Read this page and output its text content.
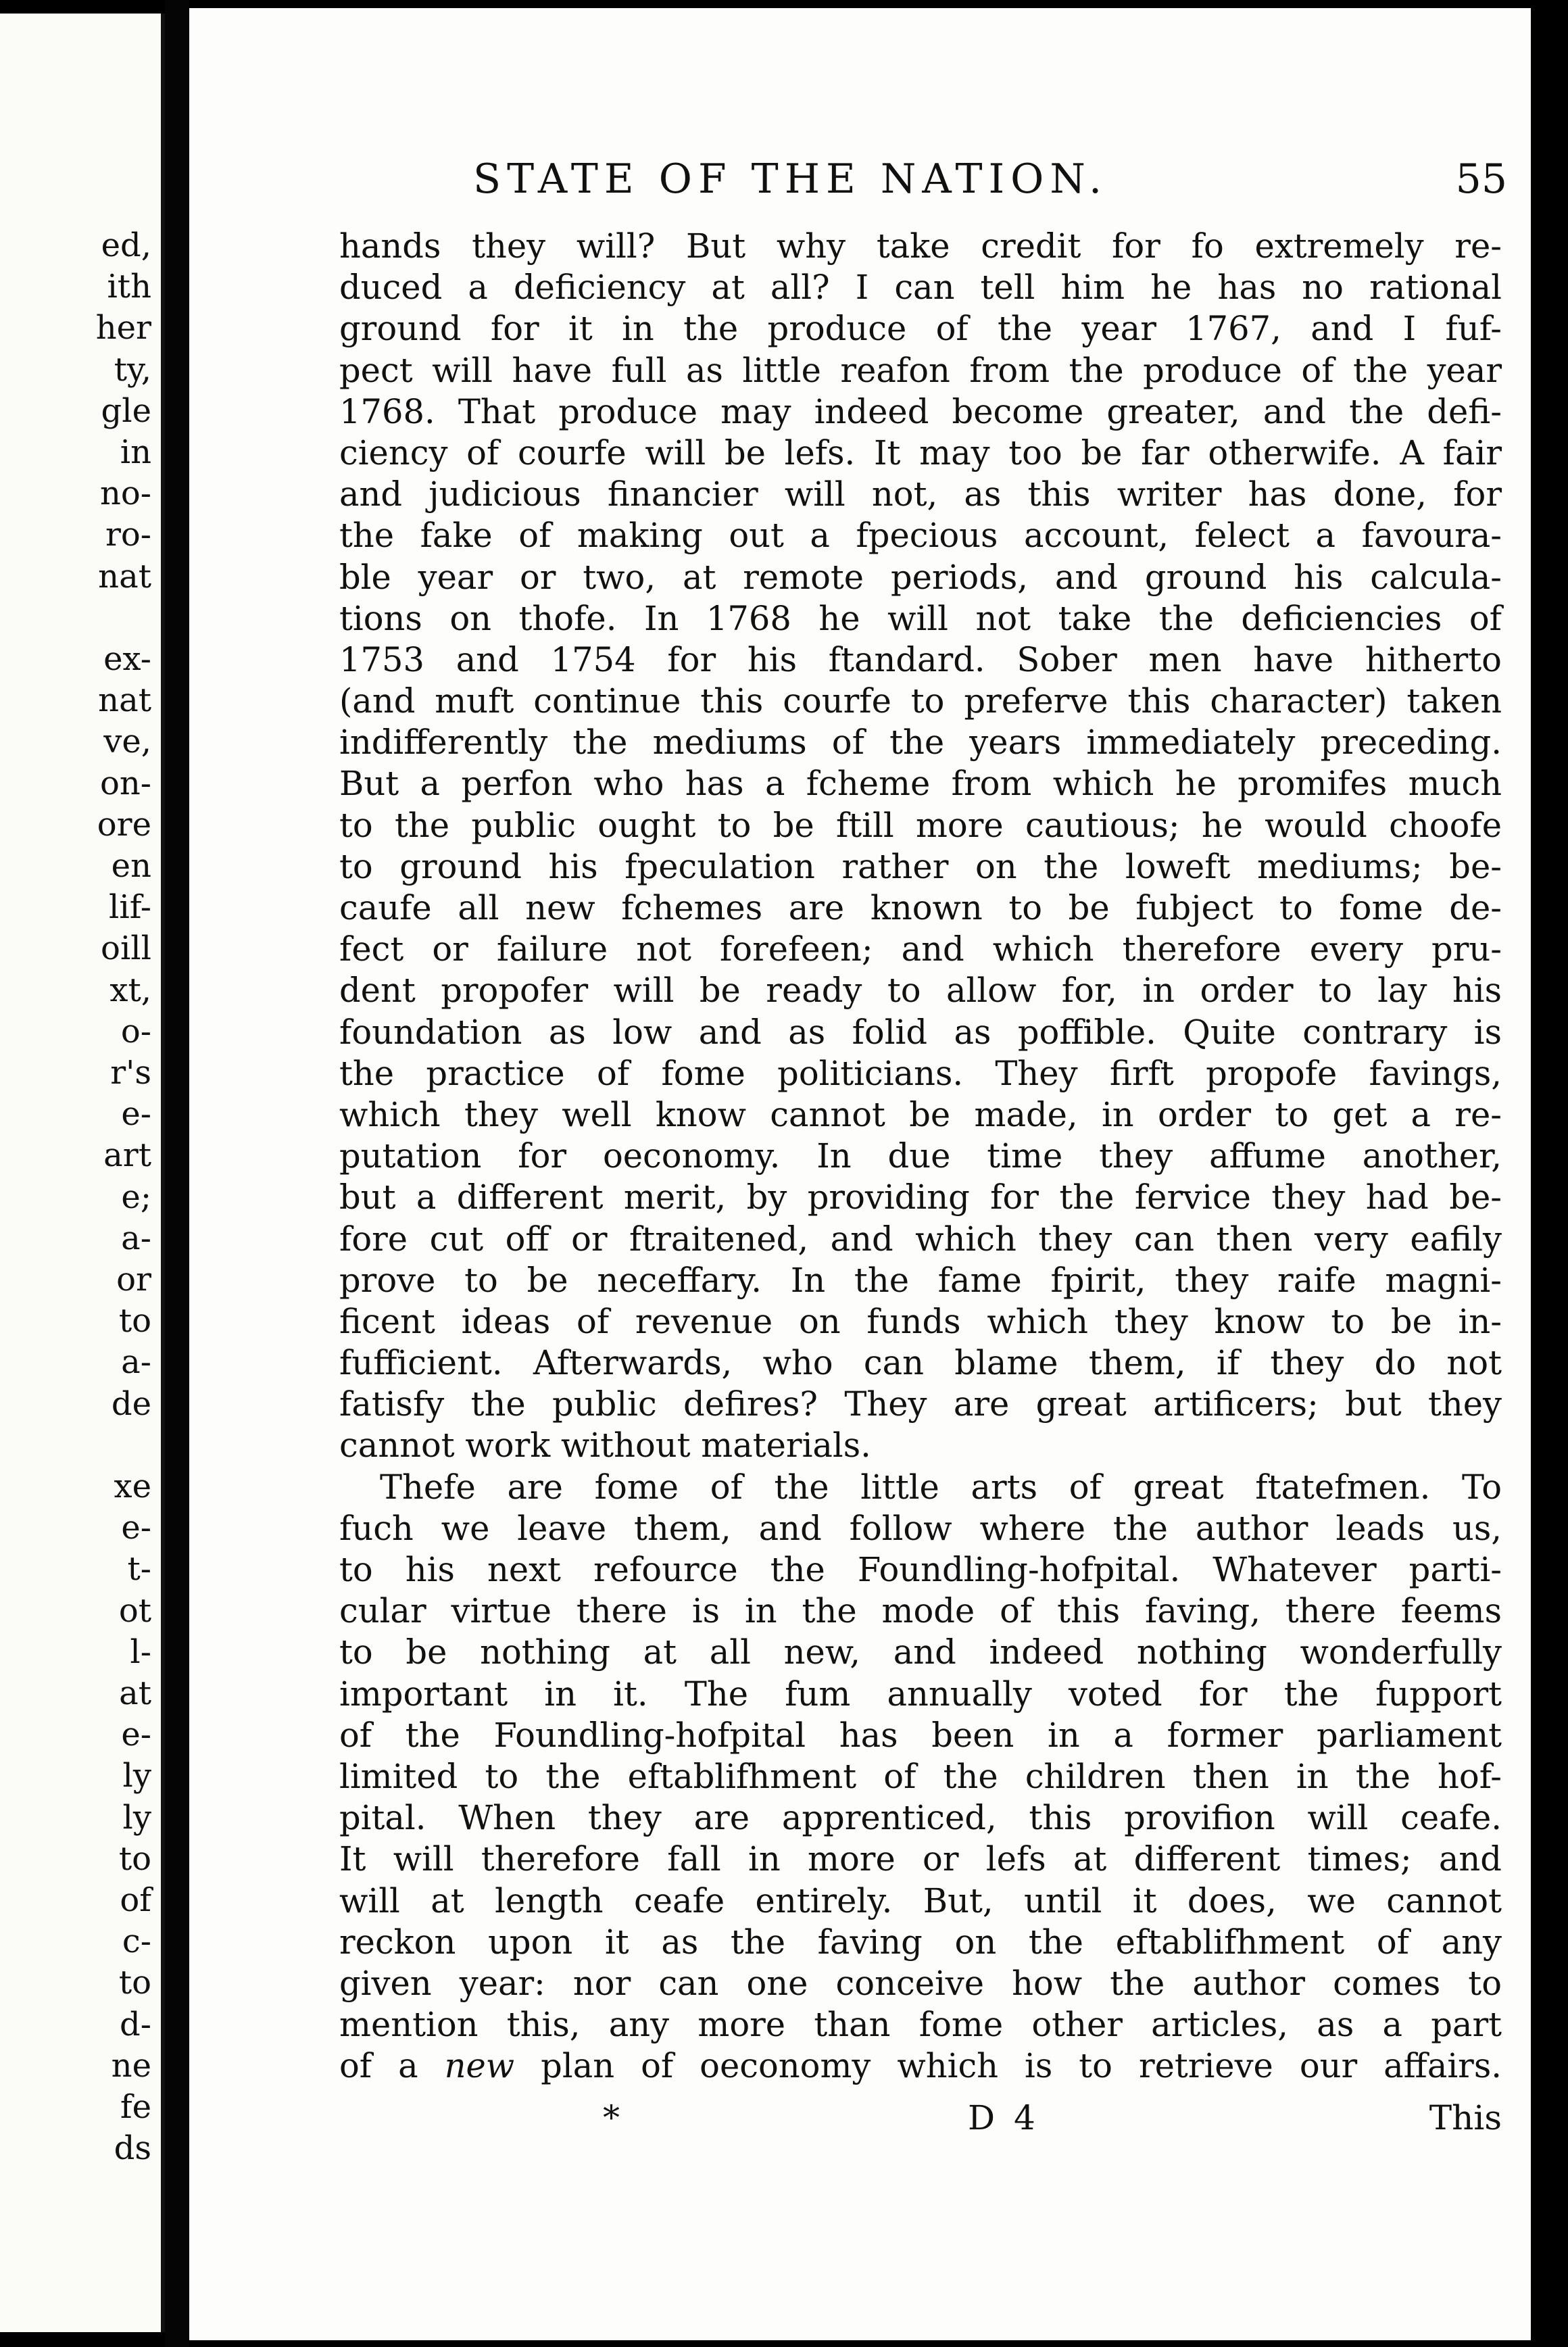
ed,
ith
her
ty,
gle
in
no-
ro-
nat
ex-
nat
ve,
on-
ore
en
lif-
oill
xt,
o-
r's
e-
art
e;
a-
or
to
a-
de
xe
e-
t-
ot
l-
at
e-
ly
ly
to
of
c-
to
d-
ne
fe
ds
STATE OF THE NATION.	55
hands they will? But why take credit for fo extremely re-
duced a deficiency at all? I can tell him he has no rational
ground for it in the produce of the year 1767, and I fuf-
pect will have full as little reafon from the produce of the year
1768. That produce may indeed become greater, and the defi-
ciency of courfe will be lefs. It may too be far otherwife. A fair
and judicious financier will not, as this writer has done, for
the fake of making out a fpecious account, felect a favoura-
ble year or two, at remote periods, and ground his calcula-
tions on thofe. In 1768 he will not take the deficiencies of
1753 and 1754 for his ftandard. Sober men have hitherto
(and muft continue this courfe to preferve this character) taken
indifferently the mediums of the years immediately preceding.
But a perfon who has a fcheme from which he promifes much
to the public ought to be ftill more cautious; he would choofe
to ground his fpeculation rather on the loweft mediums; be-
caufe all new fchemes are known to be fubject to fome de-
fect or failure not forefeen; and which therefore every pru-
dent propofer will be ready to allow for, in order to lay his
foundation as low and as folid as poffible. Quite contrary is
the practice of fome politicians. They firft propofe favings,
which they well know cannot be made, in order to get a re-
putation for oeconomy. In due time they affume another,
but a different merit, by providing for the fervice they had be-
fore cut off or ftraitened, and which they can then very eafily
prove to be neceffary. In the fame fpirit, they raife magni-
ficent ideas of revenue on funds which they know to be in-
fufficient. Afterwards, who can blame them, if they do not
fatisfy the public defires? They are great artificers; but they
cannot work without materials.
Thefe are fome of the little arts of great ftatefmen. To
fuch we leave them, and follow where the author leads us,
to his next refource the Foundling-hofpital. Whatever parti-
cular virtue there is in the mode of this faving, there feems
to be nothing at all new, and indeed nothing wonderfully
important in it. The fum annually voted for the fupport
of the Foundling-hofpital has been in a former parliament
limited to the eftablifhment of the children then in the hof-
pital. When they are apprenticed, this provifion will ceafe.
It will therefore fall in more or lefs at different times; and
will at length ceafe entirely. But, until it does, we cannot
reckon upon it as the faving on the eftablifhment of any
given year: nor can one conceive how the author comes to
mention this, any more than fome other articles, as a part
of a new plan of oeconomy which is to retrieve our affairs.
*	D 4	This
